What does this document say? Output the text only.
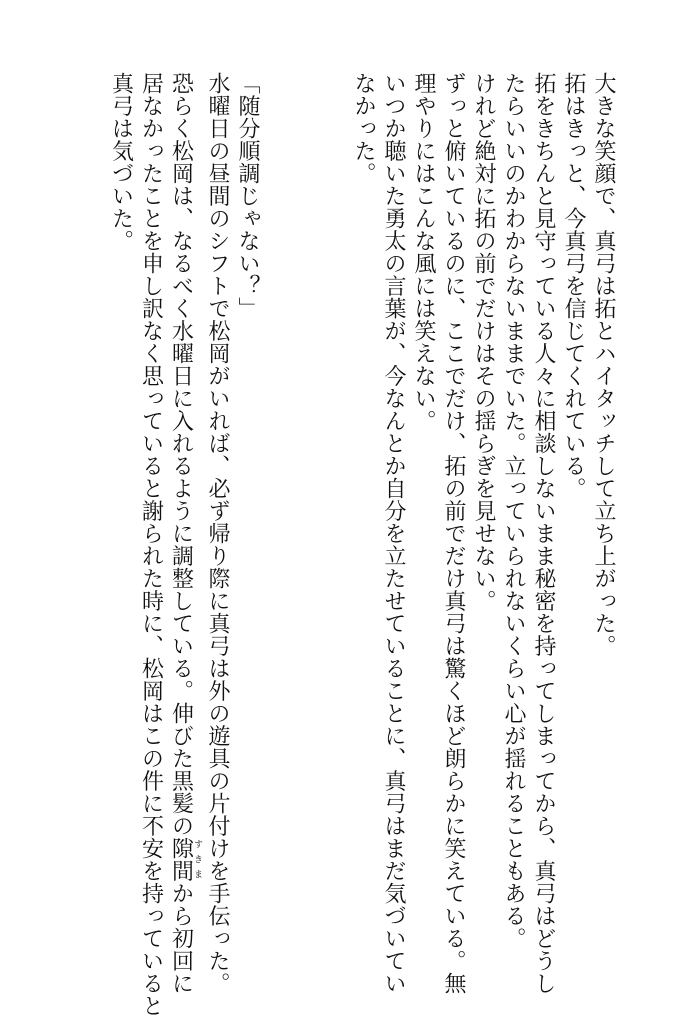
大きな笑顔で、真弓は拓とハイタッチして立ち上がった。
拓はきっと、今真弓を信じてくれている。
拓をきちんと見守っている人々に相談しないまま秘密を持ってしまってから、真弓はどうし
たらいいのかわからないままでいた。立っていられないくらい心が揺れることもある。
けれど絶対に拓の前でだけはその揺らぎを見せない。
ずっと俯いているのに、ここでだけ、拓の前でだけ真弓は驚くほど朗らかに笑えている。無
理やりにはこんな風には笑えない。
いつか聴いた勇太の言葉が、今なんとか自分を立たせていることに、真弓はまだ気づいてい
なかった。
「随分順調じゃない？」
水曜日の昼間のシフトで松岡がいれば、必ず帰り際に真弓は外の遊具の片付けを手伝った。
恐らく松岡は、なるべく水曜日に入れるように調整している。伸びた黒髪の隙間すきまから初回に
居なかったことを申し訳なく思っていると謝られた時に、松岡はこの件に不安を持っていると
真弓は気づいた。
